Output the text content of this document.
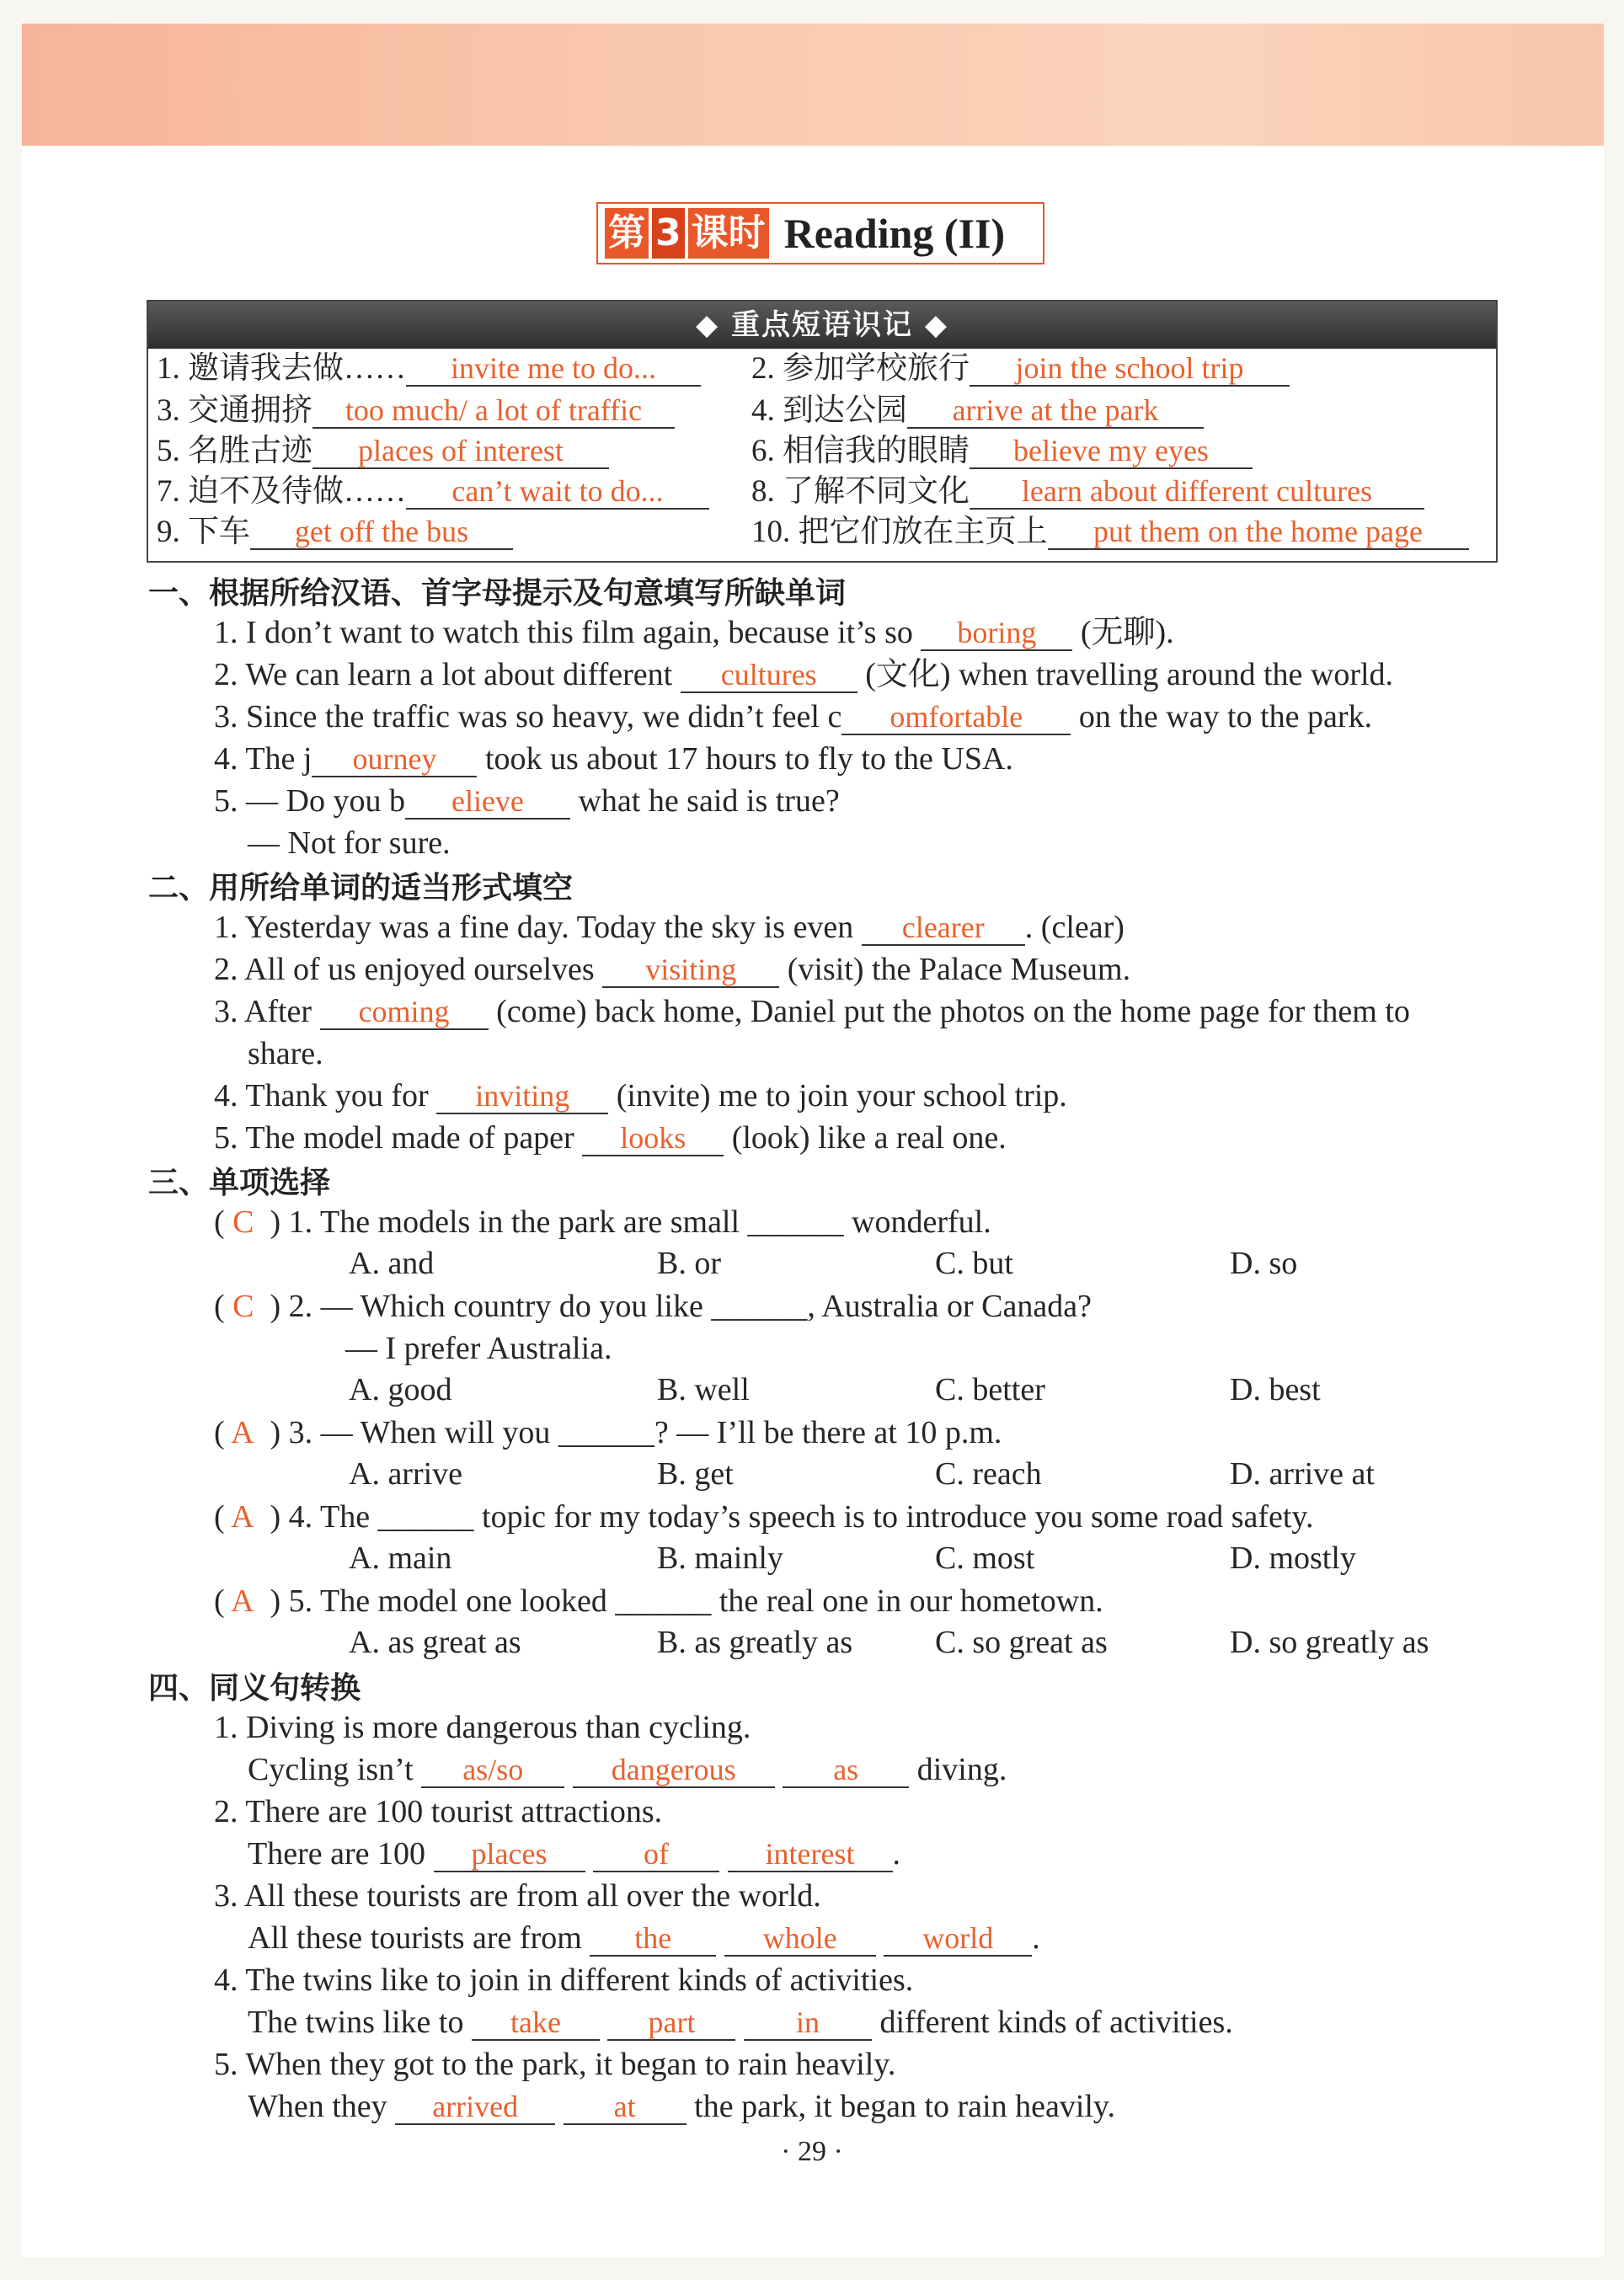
第 3 课时 Reading (II)
◆ 重点短语识记 ◆
1. 邀请我去做…… invite me to do...	2. 参加学校旅行 join the school trip
3. 交通拥挤 too much/ a lot of traffic	4. 到达公园 arrive at the park
5. 名胜古迹 places of interest	6. 相信我的眼睛 believe my eyes
7. 迫不及待做…… can’t wait to do...	8. 了解不同文化 learn about different cultures
9. 下车 get off the bus	10. 把它们放在主页上 put them on the home page
一、根据所给汉语、首字母提示及句意填写所缺单词
1. I don’t want to watch this film again, because it’s so boring (无聊).
2. We can learn a lot about different cultures (文化) when travelling around the world.
3. Since the traffic was so heavy, we didn’t feel c omfortable on the way to the park.
4. The j ourney took us about 17 hours to fly to the USA.
5. — Do you b elieve what he said is true?
— Not for sure.
二、用所给单词的适当形式填空
1. Yesterday was a fine day. Today the sky is even clearer . (clear)
2. All of us enjoyed ourselves visiting (visit) the Palace Museum.
3. After coming (come) back home, Daniel put the photos on the home page for them to
share.
4. Thank you for inviting (invite) me to join your school trip.
5. The model made of paper looks (look) like a real one.
三、单项选择
( C ) 1. The models in the park are small ______ wonderful.
A. and	B. or	C. but	D. so
( C ) 2. — Which country do you like ______, Australia or Canada?
— I prefer Australia.
A. good	B. well	C. better	D. best
( A ) 3. — When will you ______? — I’ll be there at 10 p.m.
A. arrive	B. get	C. reach	D. arrive at
( A ) 4. The ______ topic for my today’s speech is to introduce you some road safety.
A. main	B. mainly	C. most	D. mostly
( A ) 5. The model one looked ______ the real one in our hometown.
A. as great as	B. as greatly as	C. so great as	D. so greatly as
四、同义句转换
1. Diving is more dangerous than cycling.
Cycling isn’t as/so	dangerous	as diving.
2. There are 100 tourist attractions.
There are 100 places	of	interest .
3. All these tourists are from all over the world.
All these tourists are from the	whole	world .
4. The twins like to join in different kinds of activities.
The twins like to take	part	in different kinds of activities.
5. When they got to the park, it began to rain heavily.
When they arrived	at the park, it began to rain heavily.
· 29 ·
